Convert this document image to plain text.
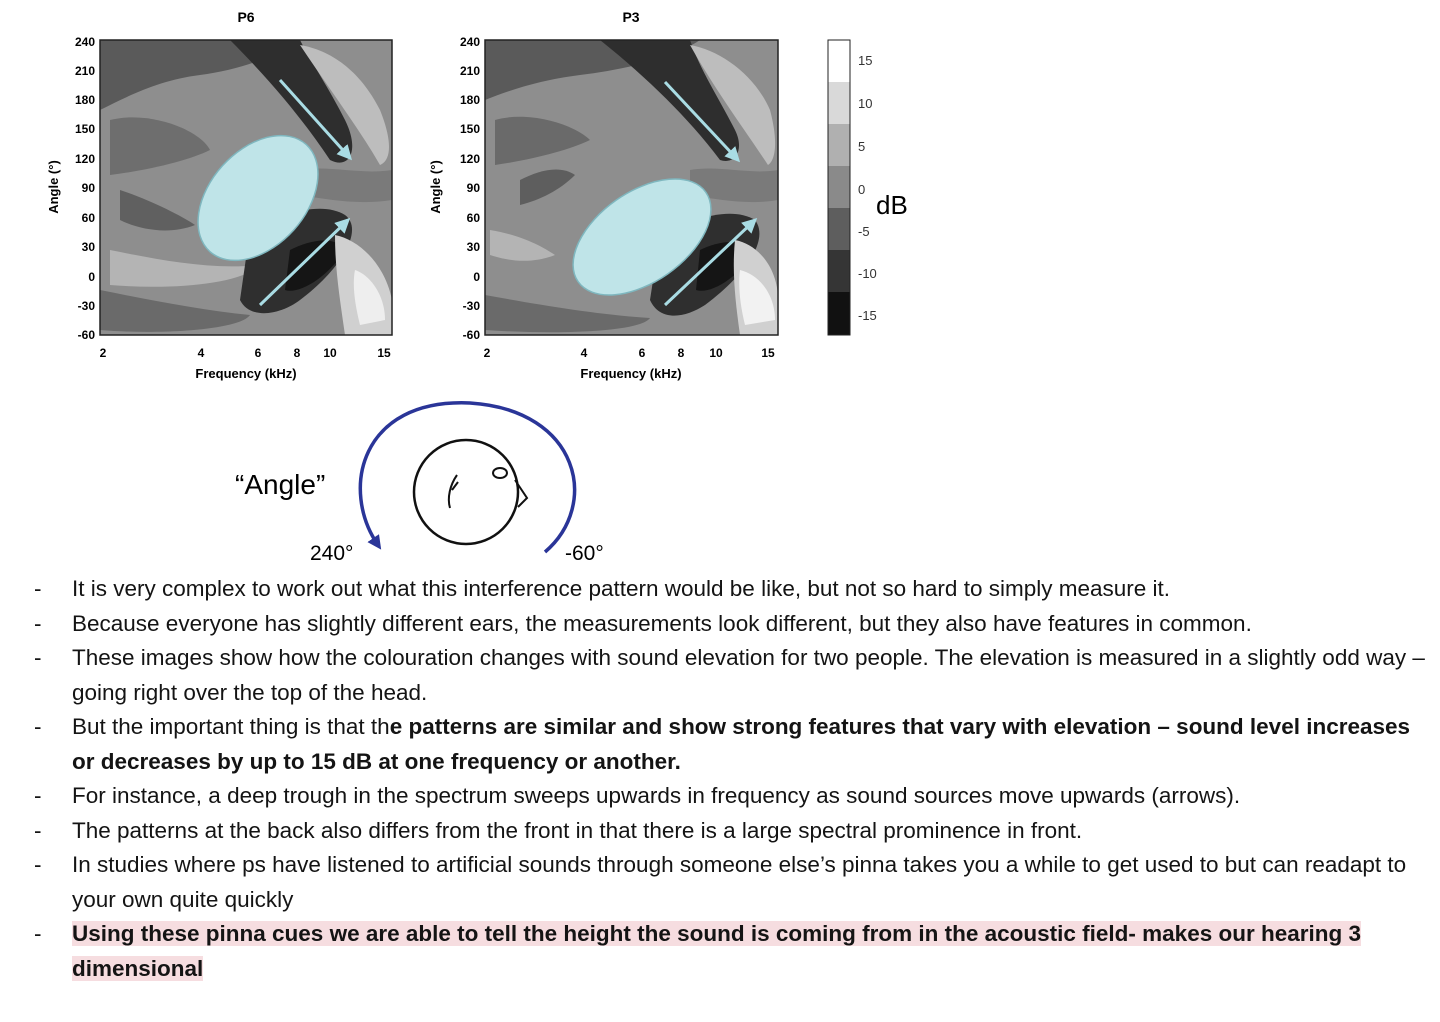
P6
Angle (°)
Frequency (kHz)
240
210
180
150
120
90
60
30
0
-30
-60
2	4	6	8 10	15
P3
Angle (°)
Frequency (kHz)
240
210
180
150
120
90
60
30
0
-30
-60
2	4	6	8 10	15
15
10
5
0
-5
-10
-15
dB
“Angle”
240°	-60°
- It is very complex to work out what this interference pattern would be like, but not so hard to simply measure it.
- Because everyone has slightly different ears, the measurements look different, but they also have features in common.
- These images show how the colouration changes with sound elevation for two people. The elevation is measured in a slightly odd way – going right over the top of the head.
- But the important thing is that the patterns are similar and show strong features that vary with elevation – sound level increases or decreases by up to 15 dB at one frequency or another.
- For instance, a deep trough in the spectrum sweeps upwards in frequency as sound sources move upwards (arrows).
- The patterns at the back also differs from the front in that there is a large spectral prominence in front.
- In studies where ps have listened to artificial sounds through someone else’s pinna takes you a while to get used to but can readapt to your own quite quickly
- Using these pinna cues we are able to tell the height the sound is coming from in the acoustic field- makes our hearing 3 dimensional
